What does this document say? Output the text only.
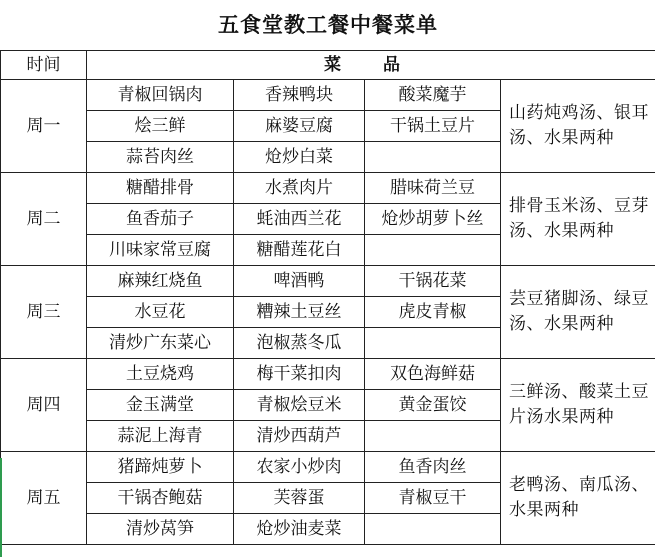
五食堂教工餐中餐菜单				
时间	菜 品			
周一	青椒回锅肉	香辣鸭块	酸菜魔芋	山药炖鸡汤、银耳汤、水果两种
	烩三鲜	麻婆豆腐	干锅土豆片	
	蒜苔肉丝	炝炒白菜		
周二	糖醋排骨	水煮肉片	腊味荷兰豆	排骨玉米汤、豆芽汤、水果两种
	鱼香茄子	蚝油西兰花	炝炒胡萝卜丝	
	川味家常豆腐	糖醋莲花白		
周三	麻辣红烧鱼	啤酒鸭	干锅花菜	芸豆猪脚汤、绿豆汤、水果两种
	水豆花	糟辣土豆丝	虎皮青椒	
	清炒广东菜心	泡椒蒸冬瓜		
周四	土豆烧鸡	梅干菜扣肉	双色海鲜菇	三鲜汤、酸菜土豆片汤水果两种
	金玉满堂	青椒烩豆米	黄金蛋饺	
	蒜泥上海青	清炒西葫芦		
周五	猪蹄炖萝卜	农家小炒肉	鱼香肉丝	老鸭汤、南瓜汤、 水果两种
	干锅杏鲍菇	芙蓉蛋	青椒豆干	
	清炒莴笋	炝炒油麦菜		
